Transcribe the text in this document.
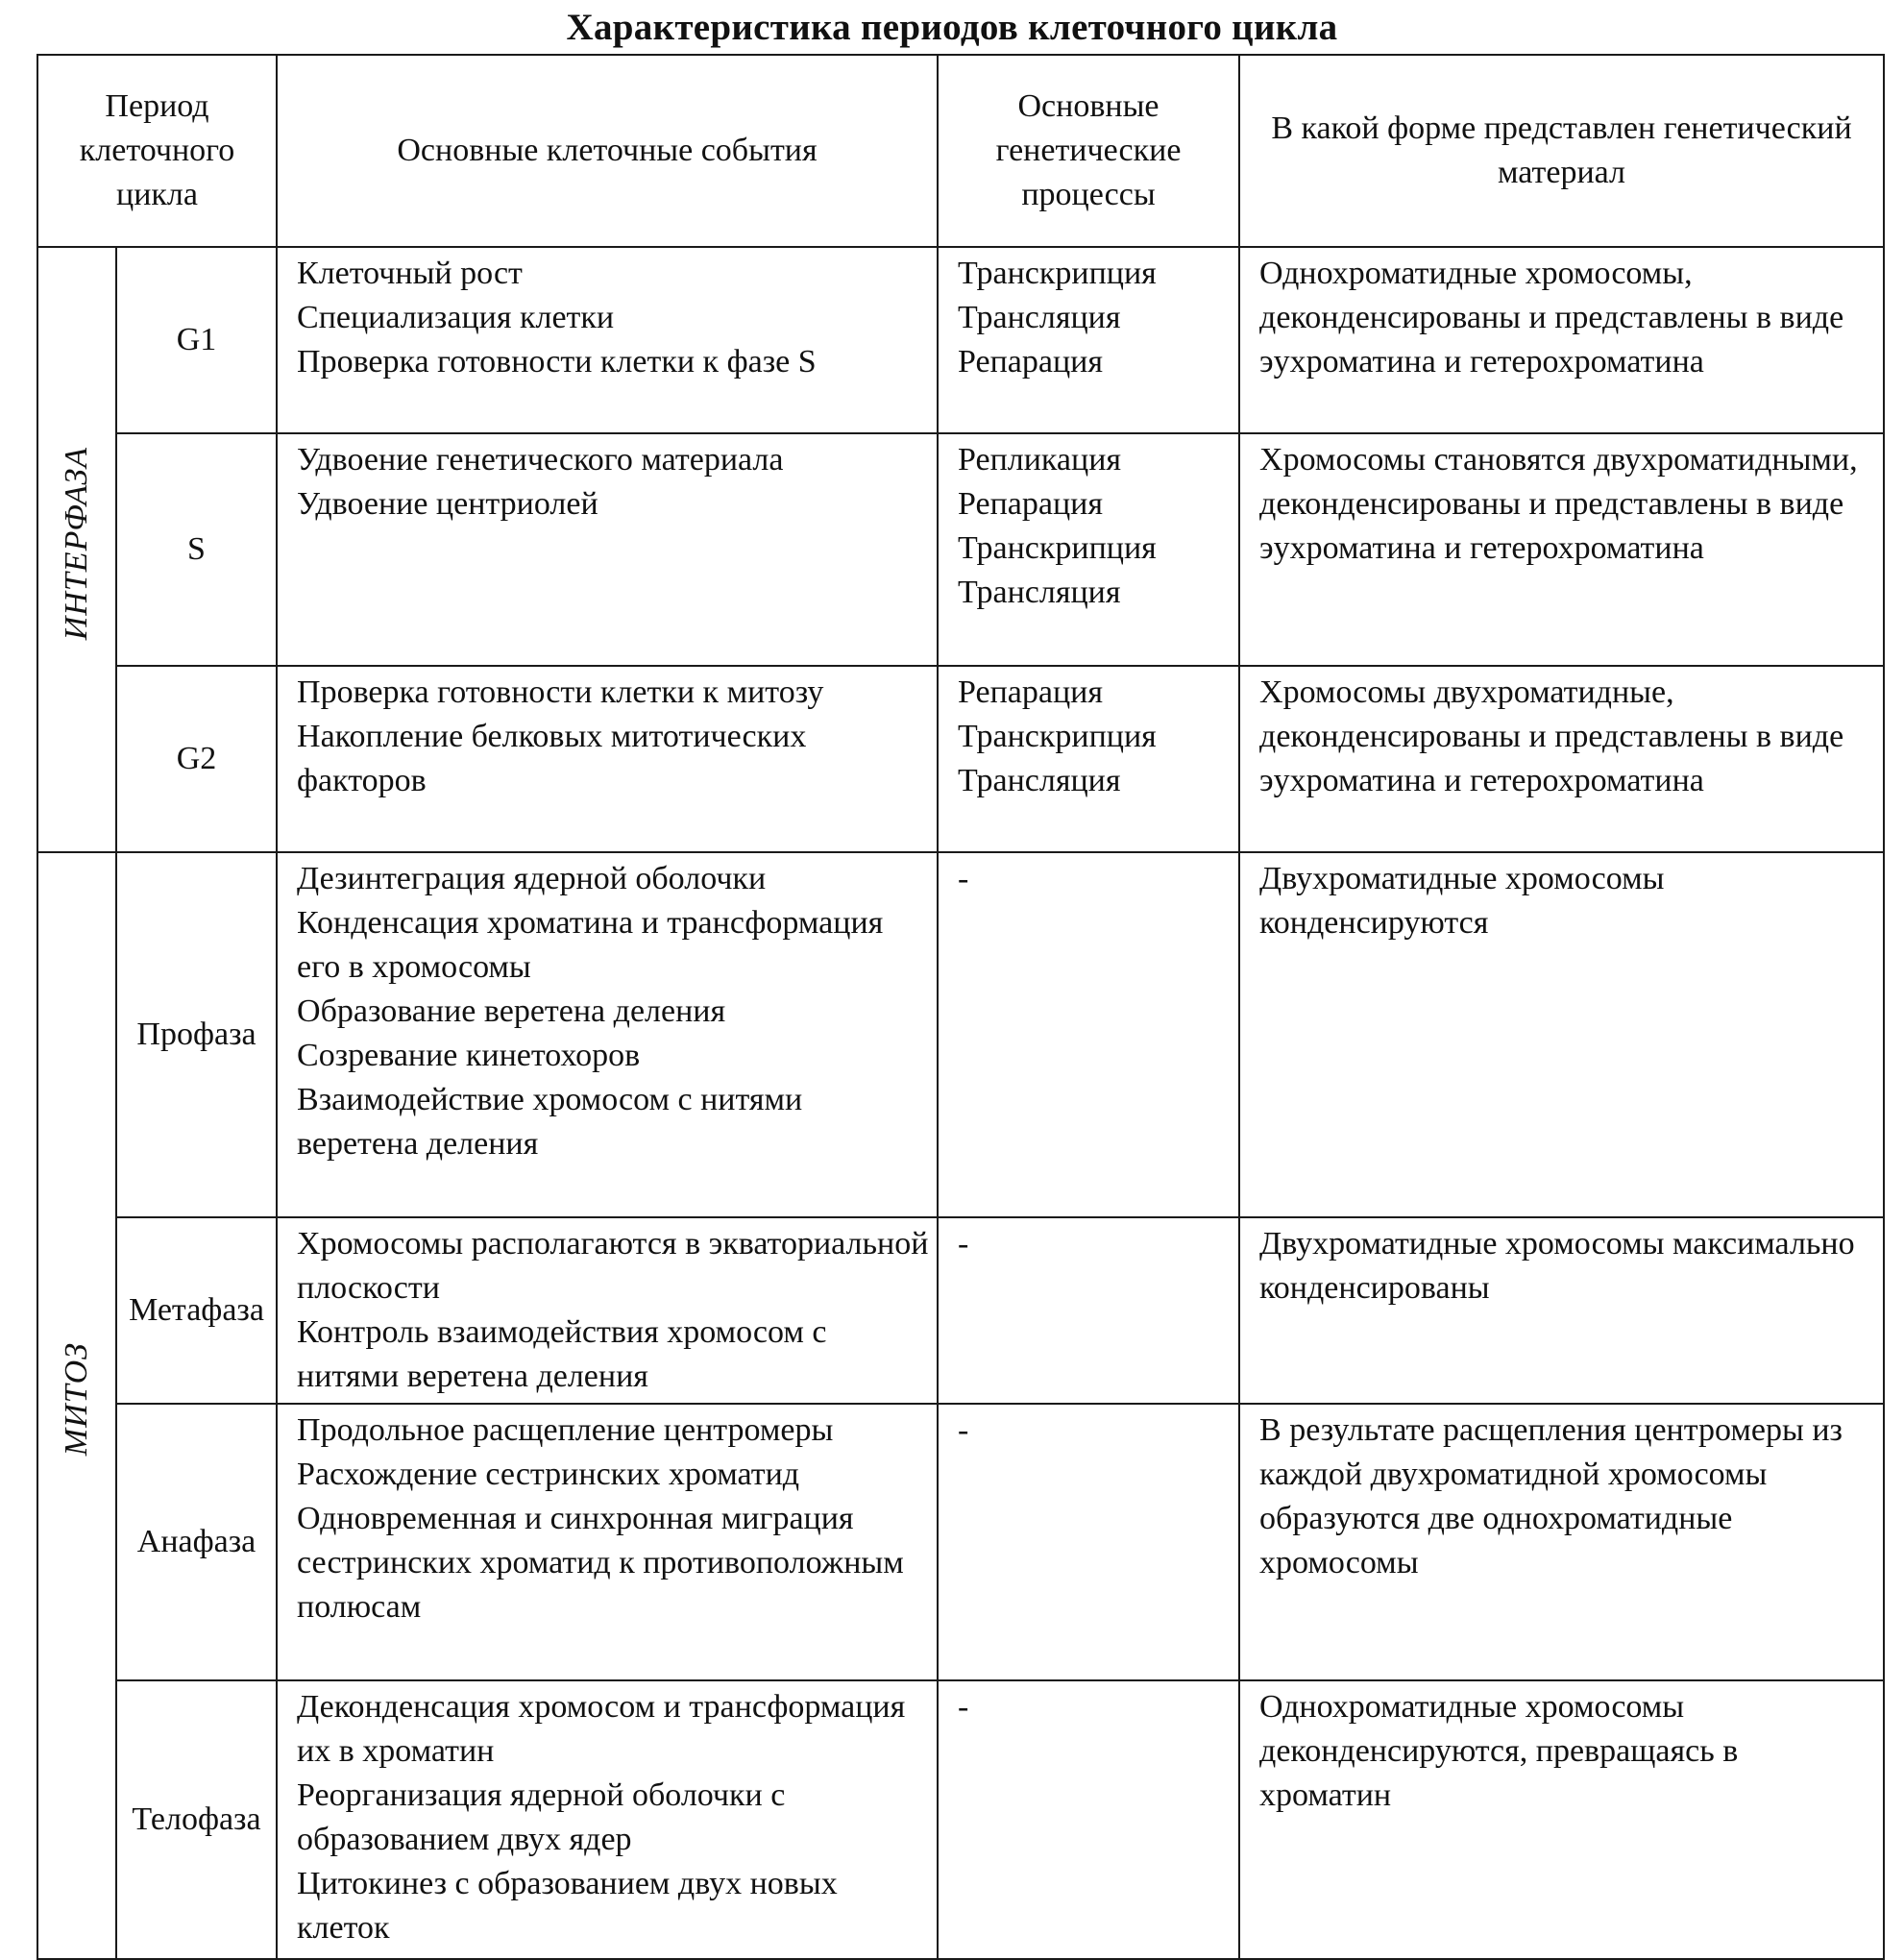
Характеристика периодов клеточного цикла
Период клеточного цикла		Основные клеточные события	Основные генетические процессы	В какой форме представлен генетический материал
ИНТЕРФАЗА	G1	Клеточный рост
Специализация клетки
Проверка готовности клетки к фазе S	Транскрипция
Трансляция
Репарация	Однохроматидные хромосомы, деконденсированы и представлены в виде эухроматина и гетерохроматина
	S	Удвоение генетического материала
Удвоение центриолей	Репликация
Репарация
Транскрипция
Трансляция	Хромосомы становятся двухроматидными, деконденсированы и представлены в виде эухроматина и гетерохроматина
	G2	Проверка готовности клетки к митозу
Накопление белковых митотических факторов	Репарация
Транскрипция
Трансляция	Хромосомы двухроматидные, деконденсированы и представлены в виде эухроматина и гетерохроматина
МИТОЗ	Профаза	Дезинтеграция ядерной оболочки
Конденсация хроматина и трансформация его в хромосомы
Образование веретена деления
Созревание кинетохоров
Взаимодействие хромосом с нитями веретена деления	-	Двухроматидные хромосомы конденсируются
	Метафаза	Хромосомы располагаются в экваториальной плоскости
Контроль взаимодействия хромосом с нитями веретена деления	-	Двухроматидные хромосомы максимально конденсированы
	Анафаза	Продольное расщепление центромеры
Расхождение сестринских хроматид
Одновременная и синхронная миграция сестринских хроматид к противоположным полюсам	-	В результате расщепления центромеры из каждой двухроматидной хромосомы образуются две однохроматидные хромосомы
	Телофаза	Деконденсация хромосом и трансформация их в хроматин
Реорганизация ядерной оболочки с образованием двух ядер
Цитокинез с образованием двух новых клеток	-	Однохроматидные хромосомы деконденсируются, превращаясь в хроматин
